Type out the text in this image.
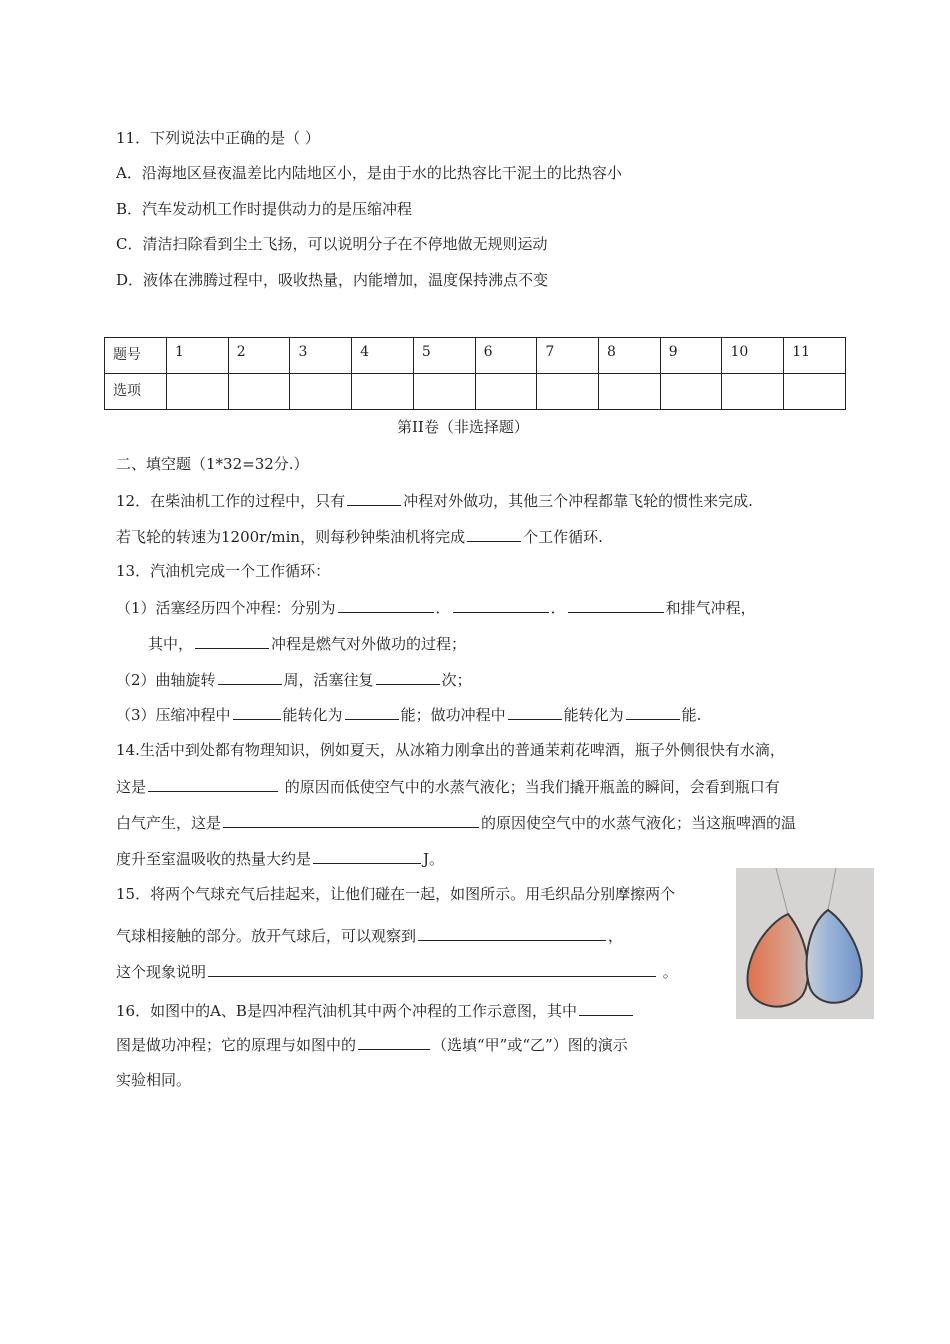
11．下列说法中正确的是（ ）
A．沿海地区昼夜温差比内陆地区小，是由于水的比热容比干泥土的比热容小
B．汽车发动机工作时提供动力的是压缩冲程
C．清洁扫除看到尘土飞扬，可以说明分子在不停地做无规则运动
D．液体在沸腾过程中，吸收热量，内能增加，温度保持沸点不变
题号	1	2	3	4	5	6	7	8	9	10	11
选项											
第II卷（非选择题）
二、填空题（1*32=32分.）
12．在柴油机工作的过程中，只有	冲程对外做功，其他三个冲程都靠飞轮的惯性来完成.
若飞轮的转速为1200r/min，则每秒钟柴油机将完成	个工作循环.
13．汽油机完成一个工作循环：
（1）活塞经历四个冲程：分别为	．	．	和排气冲程，
其中，	冲程是燃气对外做功的过程；
（2）曲轴旋转	周，活塞往复	次；
（3）压缩冲程中	能转化为	能；做功冲程中	能转化为	能.
14.生活中到处都有物理知识，例如夏天，从冰箱力刚拿出的普通茉莉花啤酒，瓶子外侧很快有水滴，
这是	的原因而低使空气中的水蒸气液化；当我们撬开瓶盖的瞬间，会看到瓶口有
白气产生，这是	的原因使空气中的水蒸气液化；当这瓶啤酒的温
度升至室温吸收的热量大约是	J。
15．将两个气球充气后挂起来，让他们碰在一起，如图所示。用毛织品分别摩擦两个
气球相接触的部分。放开气球后，可以观察到	，
这个现象说明	。
16．如图中的A、B是四冲程汽油机其中两个冲程的工作示意图，其中
图是做功冲程；它的原理与如图中的	（选填“甲”或“乙”）图的演示
实验相同。
